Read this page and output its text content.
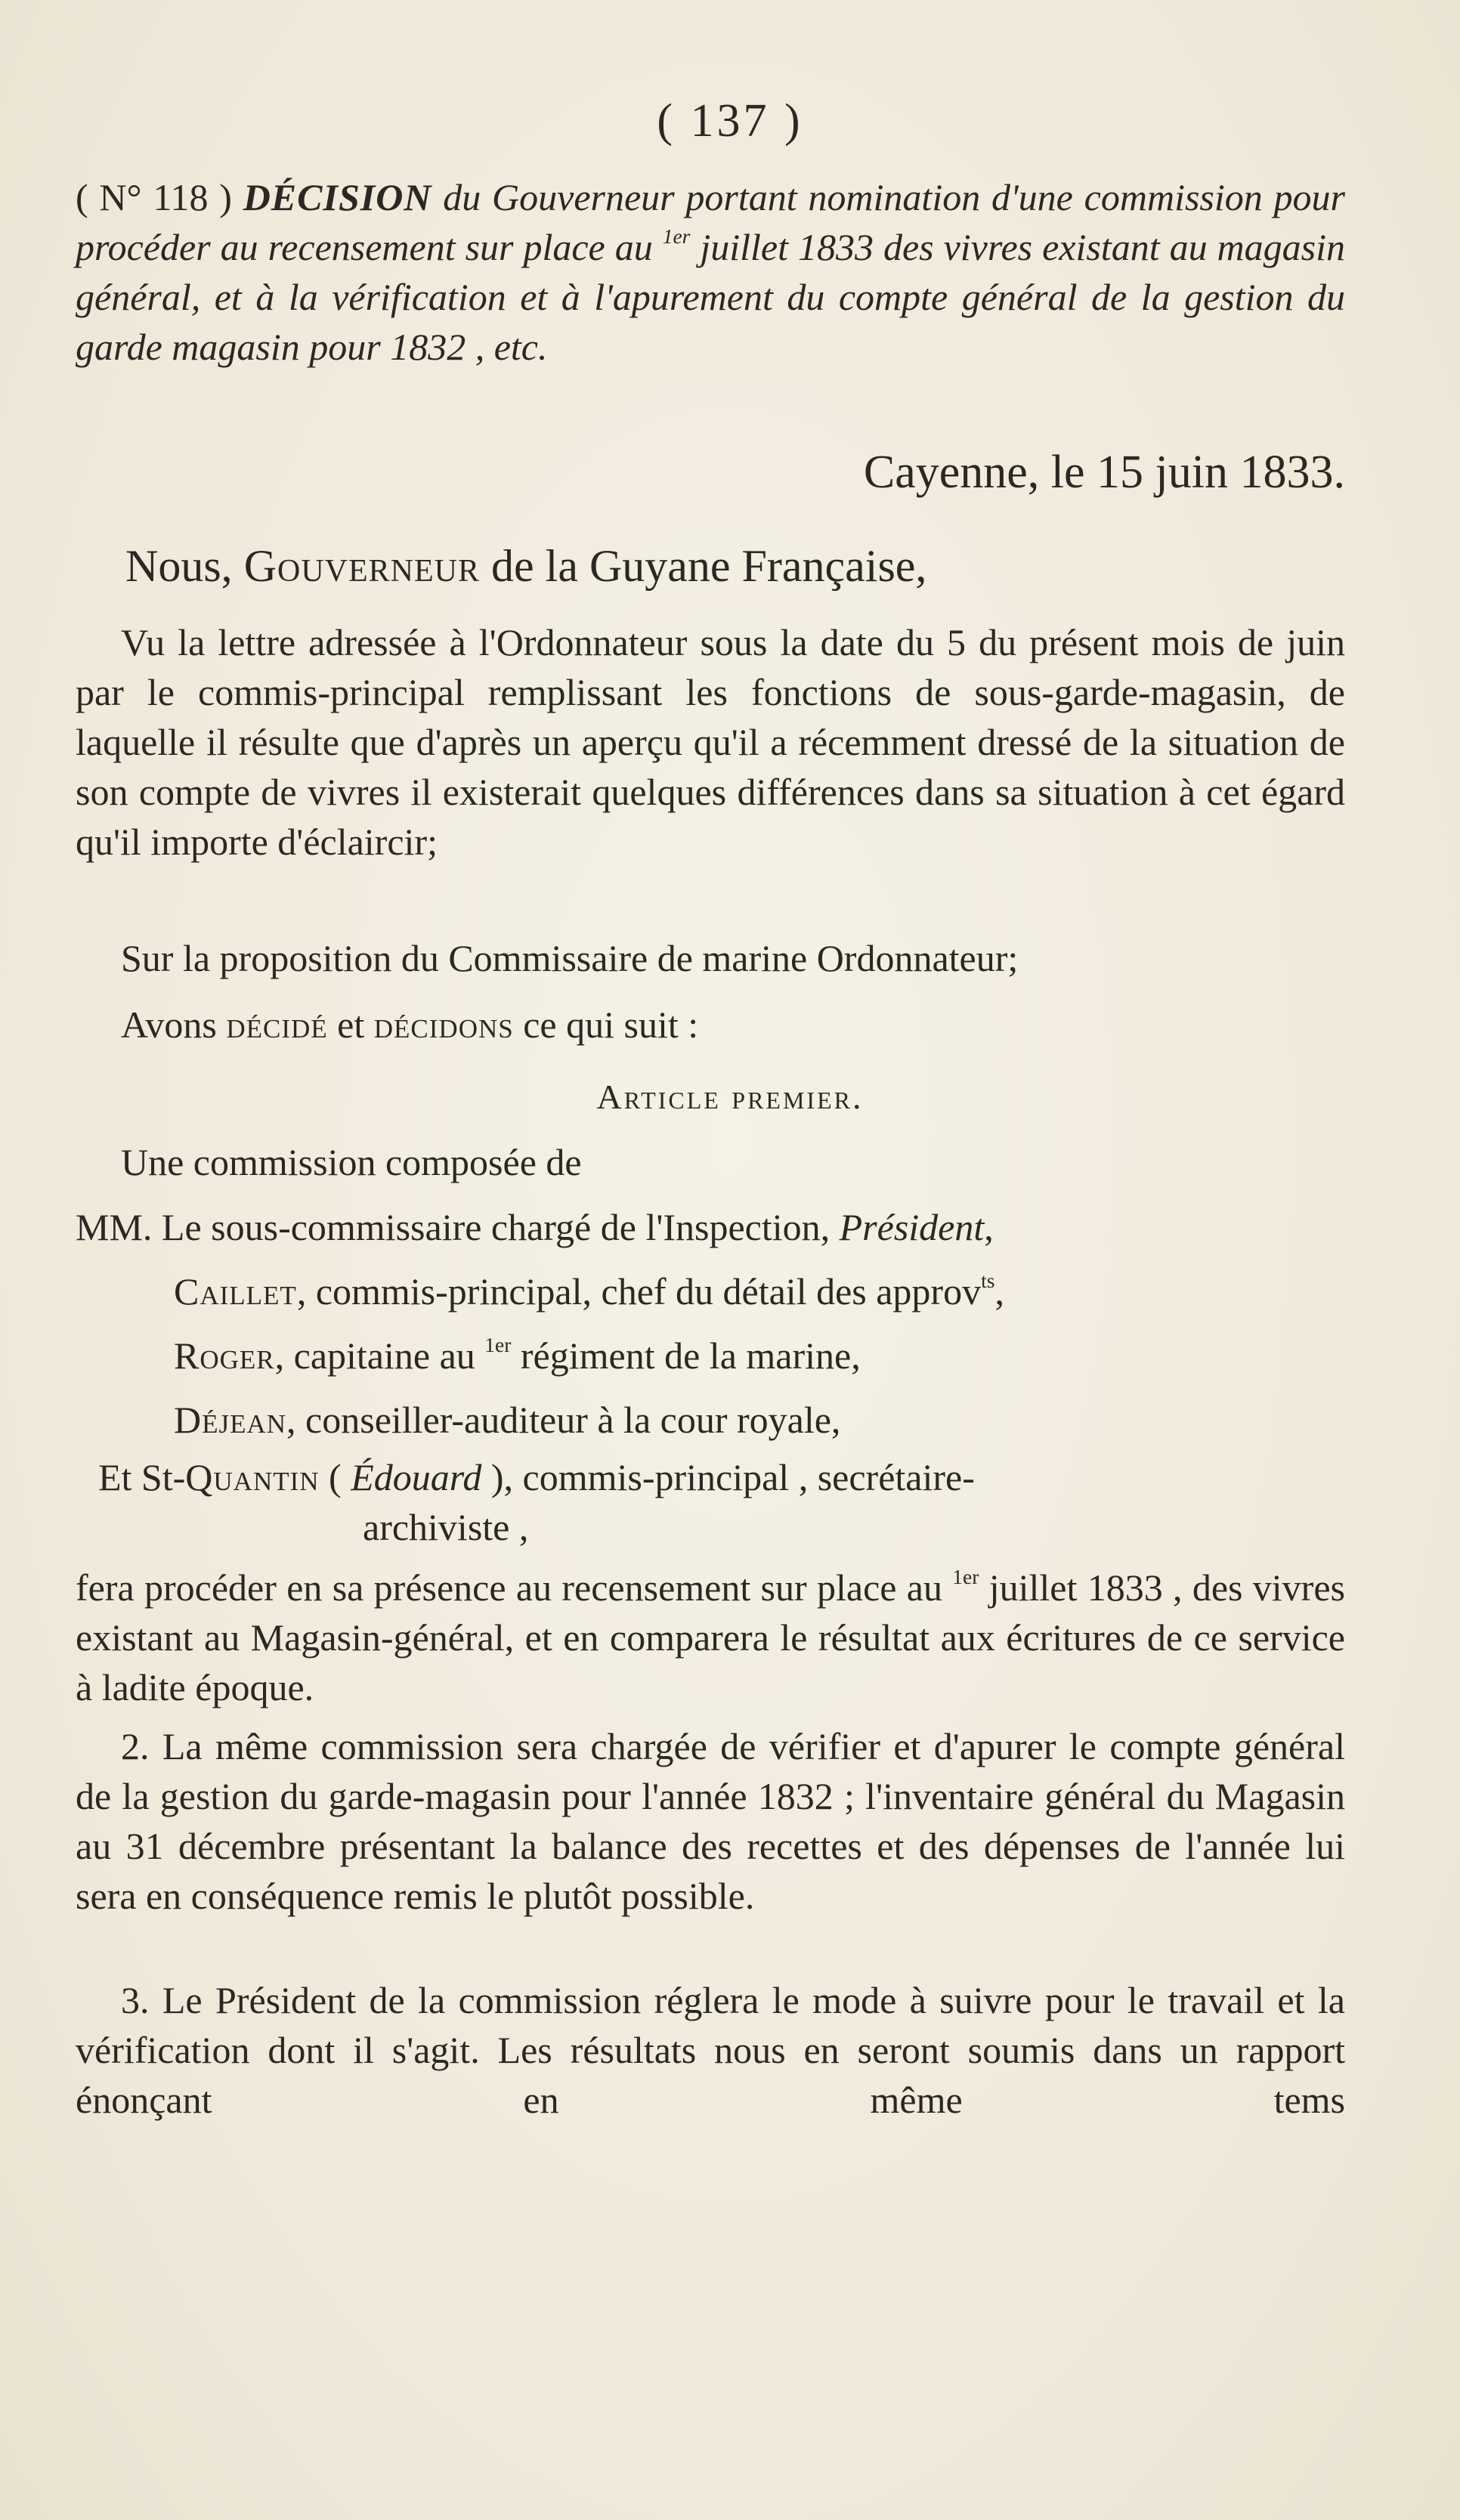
( 137 )
( N° 118 ) DÉCISION du Gouverneur portant nomination d'une commission pour procéder au recensement sur place au $^{1er}$ juillet 1833 des vivres existant au magasin général, et à la vérification et à l'apurement du compte général de la gestion du garde magasin pour 1832 , etc.
Cayenne, le 15 juin 1833.
Nous, Gouverneur de la Guyane Française,
Vu la lettre adressée à l'Ordonnateur sous la date du 5 du présent mois de juin par le commis-principal remplissant les fonctions de sous-garde-magasin, de laquelle il résulte que d'après un aperçu qu'il a récemment dressé de la situation de son compte de vivres il existerait quelques différences dans sa situation à cet égard qu'il importe d'éclaircir;
Sur la proposition du Commissaire de marine Ordonnateur;
Avons décidé et décidons ce qui suit :
Article premier.
Une commission composée de
MM. Le sous-commissaire chargé de l'Inspection, Président,
Caillet, commis-principal, chef du détail des approv$^{ts}$,
Roger, capitaine au $^{1er}$ régiment de la marine,
Déjean, conseiller-auditeur à la cour royale,
Et St-Quantin ( Édouard ), commis-principal , secrétaire-
archiviste ,
fera procéder en sa présence au recensement sur place au $^{1er}$ juillet 1833 , des vivres existant au Magasin-général, et en comparera le résultat aux écritures de ce service à ladite époque.
2. La même commission sera chargée de vérifier et d'apurer le compte général de la gestion du garde-magasin pour l'année 1832 ; l'inventaire général du Magasin au 31 décembre présentant la balance des recettes et des dépenses de l'année lui sera en conséquence remis le plutôt possible.
3. Le Président de la commission réglera le mode à suivre pour le travail et la vérification dont il s'agit. Les résultats nous en seront soumis dans un rapport énonçant en même tems
